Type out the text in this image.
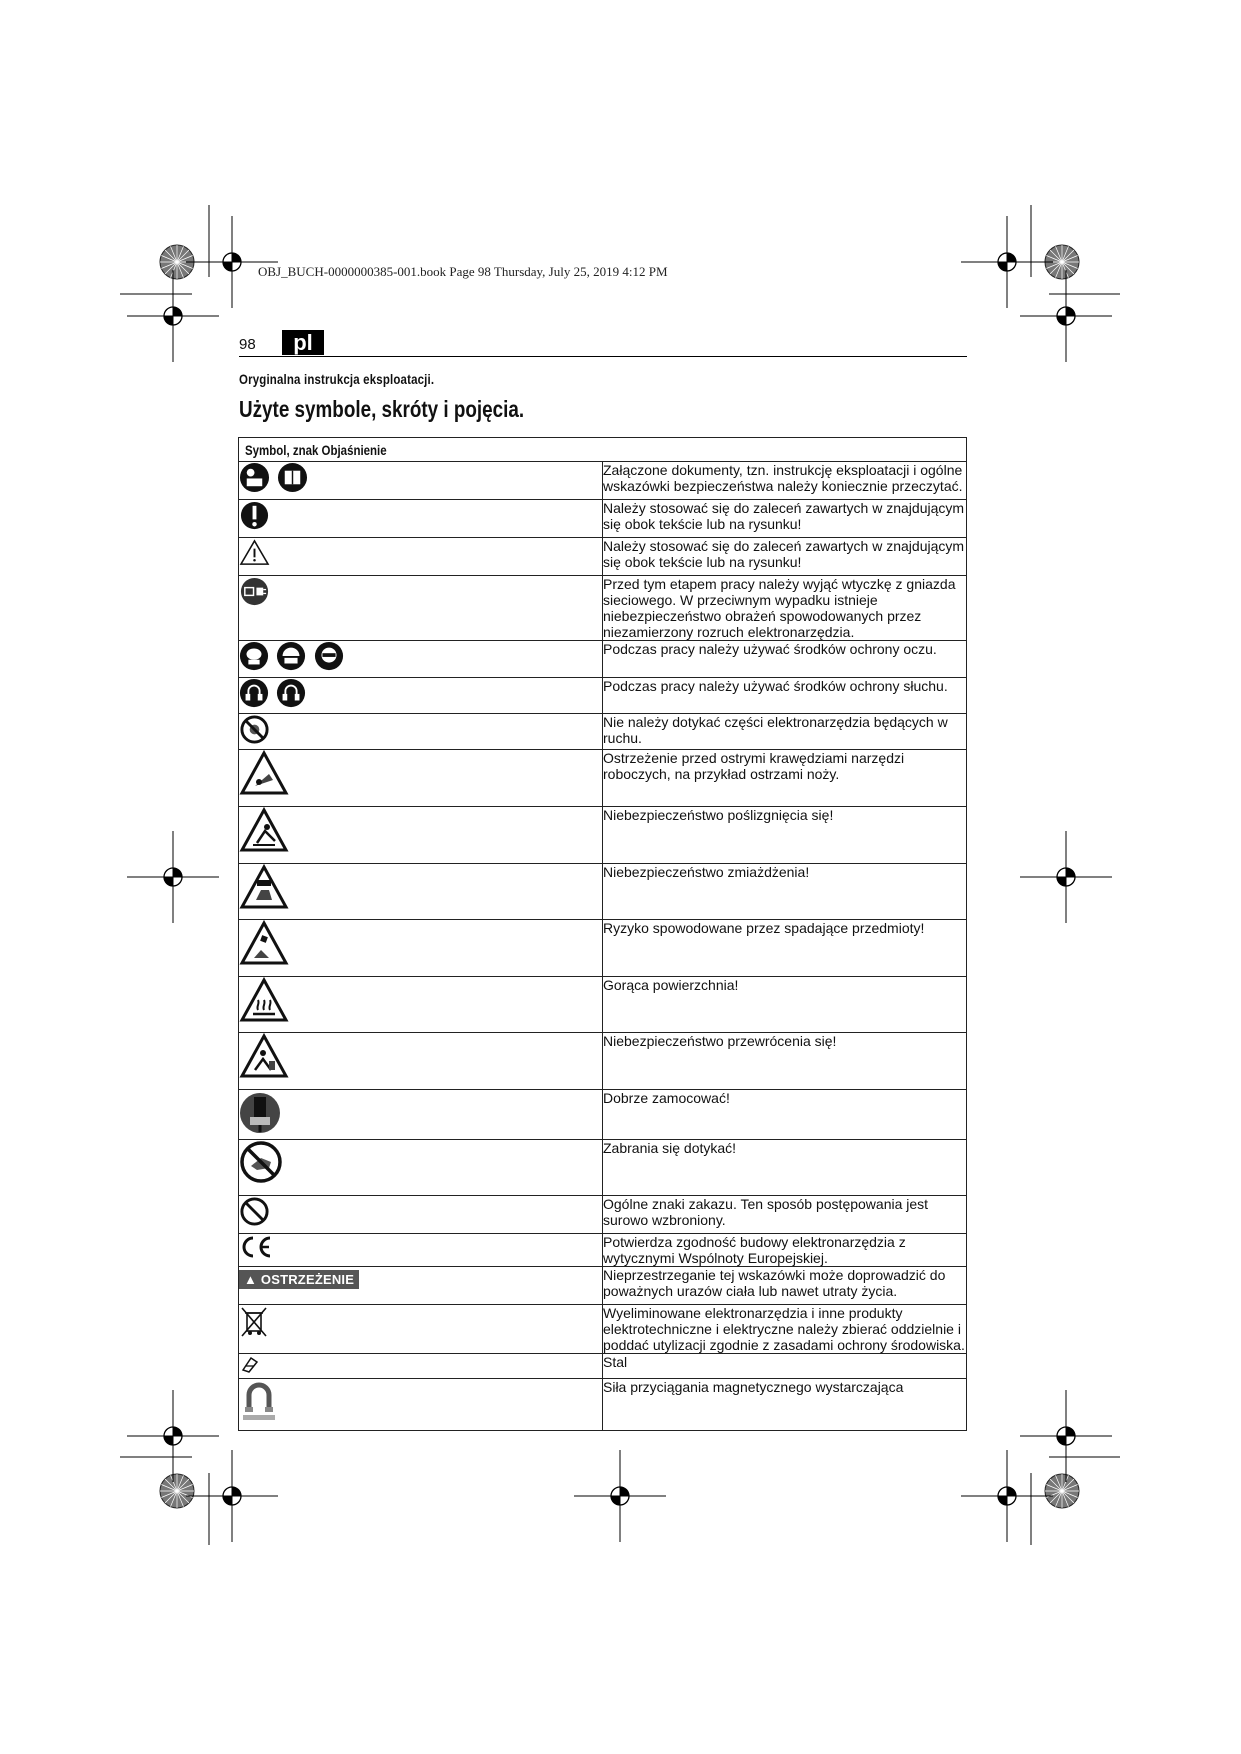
OBJ_BUCH-0000000385-001.book Page 98 Thursday, July 25, 2019 4:12 PM
98	pl
Oryginalna instrukcja eksploatacji.
Użyte symbole, skróty i pojęcia.
Symbol, znak Objaśnienie	
	Załączone dokumenty, tzn. instrukcję eksploatacji i ogólne wskazówki bezpieczeństwa należy koniecznie przeczytać.
	Należy stosować się do zaleceń zawartych w znajdującym się obok tekście lub na rysunku!
	Należy stosować się do zaleceń zawartych w znajdującym się obok tekście lub na rysunku!
	Przed tym etapem pracy należy wyjąć wtyczkę z gniazda sieciowego. W przeciwnym wypadku istnieje niebezpieczeństwo obrażeń spowodowanych przez niezamierzony rozruch elektronarzędzia.
	Podczas pracy należy używać środków ochrony oczu.
	Podczas pracy należy używać środków ochrony słuchu.
	Nie należy dotykać części elektronarzędzia będących w ruchu.
	Ostrzeżenie przed ostrymi krawędziami narzędzi roboczych, na przykład ostrzami noży.
	Niebezpieczeństwo poślizgnięcia się!
	Niebezpieczeństwo zmiażdżenia!
	Ryzyko spowodowane przez spadające przedmioty!
	Gorąca powierzchnia!
	Niebezpieczeństwo przewrócenia się!
	Dobrze zamocować!
	Zabrania się dotykać!
	Ogólne znaki zakazu. Ten sposób postępowania jest surowo wzbroniony.
	Potwierdza zgodność budowy elektronarzędzia z wytycznymi Wspólnoty Europejskiej.
▲ OSTRZEŻENIE	Nieprzestrzeganie tej wskazówki może doprowadzić do poważnych urazów ciała lub nawet utraty życia.
	Wyeliminowane elektronarzędzia i inne produkty elektrotechniczne i elektryczne należy zbierać oddzielnie i poddać utylizacji zgodnie z zasadami ochrony środowiska.
	Stal
	Siła przyciągania magnetycznego wystarczająca
